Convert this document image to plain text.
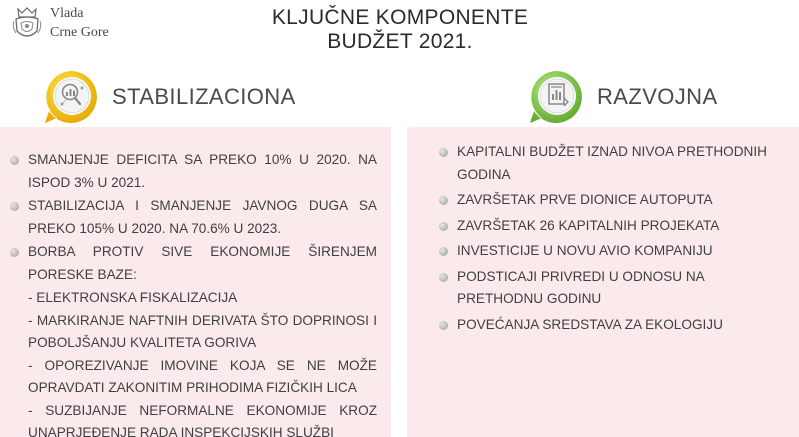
Vlada
Crne Gore
KLJUČNE KOMPONENTE
BUDŽET 2021.
STABILIZACIONA	RAZVOJNA
SMANJENJE DEFICITA SA PREKO 10% U 2020. NA ISPOD 3% U 2021.
STABILIZACIJA I SMANJENJE JAVNOG DUGA SA PREKO 105% U 2020. NA 70.6% U 2023.
BORBA PROTIV SIVE EKONOMIJE ŠIRENJEM PORESKE BAZE:
- ELEKTRONSKA FISKALIZACIJA
- MARKIRANJE NAFTNIH DERIVATA ŠTO DOPRINOSI I POBOLJŠANJU KVALITETA GORIVA
- OPOREZIVANJE IMOVINE KOJA SE NE MOŽE OPRAVDATI ZAKONITIM PRIHODIMA FIZIČKIH LICA
- SUZBIJANJE NEFORMALNE EKONOMIJE KROZ UNAPRJEĐENJE RADA INSPEKCIJSKIH SLUŽBI
KAPITALNI BUDŽET IZNAD NIVOA PRETHODNIH GODINA
ZAVRŠETAK PRVE DIONICE AUTOPUTA
ZAVRŠETAK 26 KAPITALNIH PROJEKATA
INVESTICIJE U NOVU AVIO KOMPANIJU
PODSTICAJI PRIVREDI U ODNOSU NA PRETHODNU GODINU
POVEĆANJA SREDSTAVA ZA EKOLOGIJU
